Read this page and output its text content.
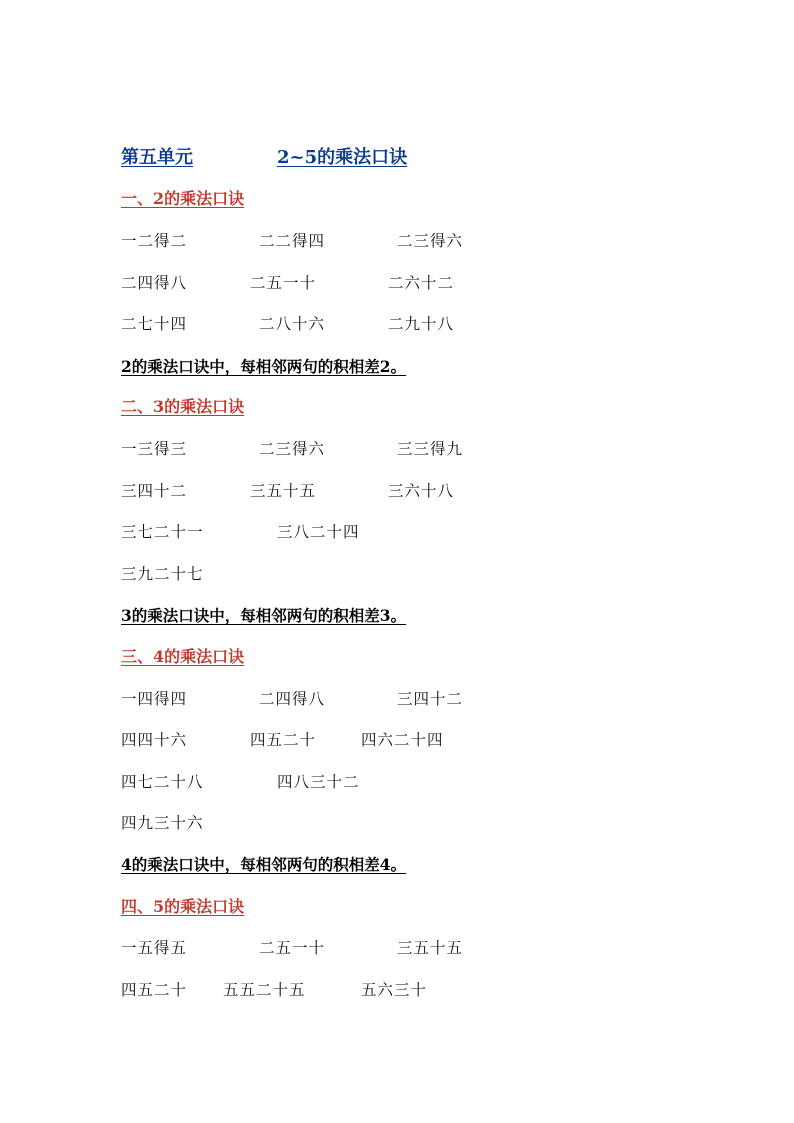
第五单元	2~5的乘法口诀
一、2的乘法口诀
一二得二	二二得四	二三得六
二四得八	二五一十	二六十二
二七十四	二八十六	二九十八
2的乘法口诀中，每相邻两句的积相差2。
二、3的乘法口诀
一三得三	二三得六	三三得九
三四十二	三五十五	三六十八
三七二十一	三八二十四
三九二十七
3的乘法口诀中，每相邻两句的积相差3。
三、4的乘法口诀
一四得四	二四得八	三四十二
四四十六	四五二十	四六二十四
四七二十八	四八三十二
四九三十六
4的乘法口诀中，每相邻两句的积相差4。
四、5的乘法口诀
一五得五	二五一十	三五十五
四五二十 五五二十五	五六三十
